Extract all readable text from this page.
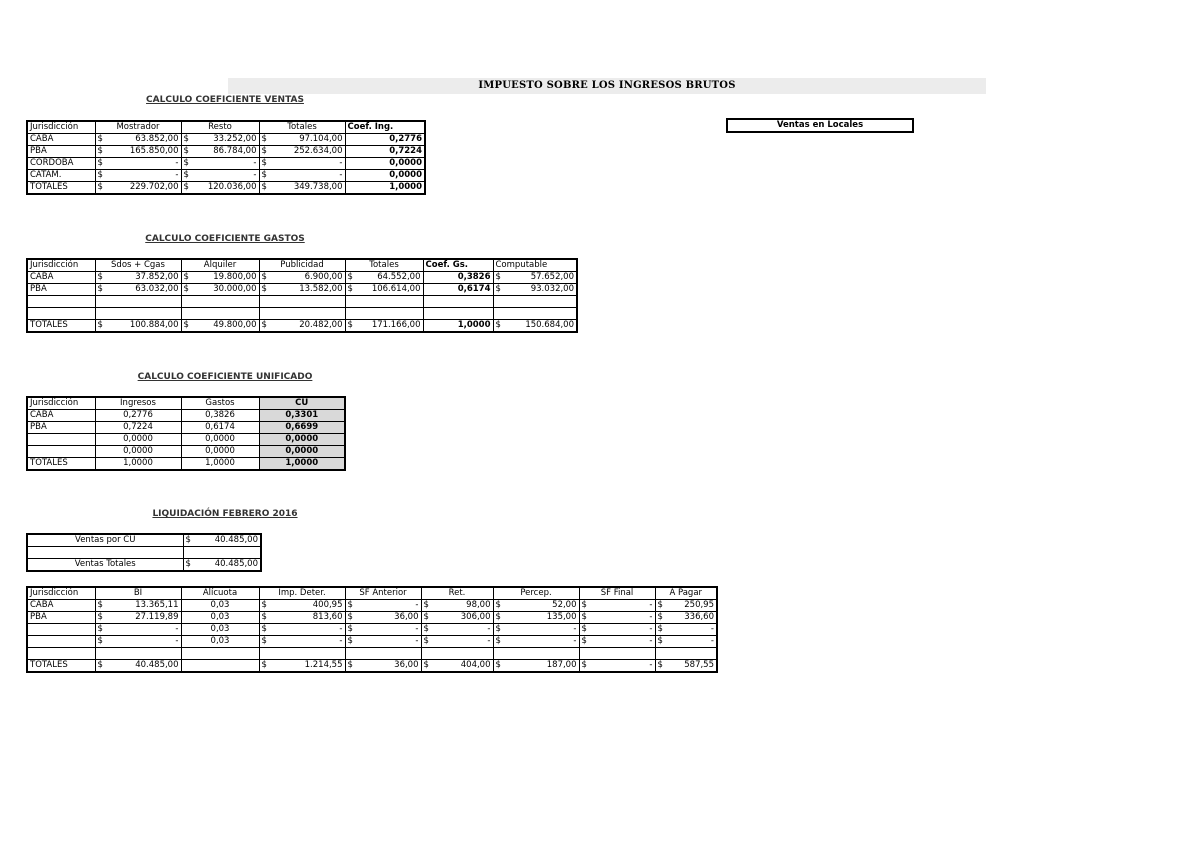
IMPUESTO SOBRE LOS INGRESOS BRUTOS
CALCULO COEFICIENTE VENTAS
CALCULO COEFICIENTE GASTOS
CALCULO COEFICIENTE UNIFICADO
LIQUIDACIÓN FEBRERO 2016
Jurisdicción	Mostrador	Resto	Totales	Coef. Ing.
CABA	$ 63.852,00	$ 33.252,00	$ 97.104,00	0,2776
PBA	$ 165.850,00	$ 86.784,00	$ 252.634,00	0,7224
CORDOBA	$ -	$ -	$ -	0,0000
CATAM.	$ -	$ -	$ -	0,0000
TOTALES	$ 229.702,00	$ 120.036,00	$ 349.738,00	1,0000
Jurisdicción	Sdos + Cgas	Alquiler	Publicidad	Totales	Coef. Gs.	Computable
CABA	$ 37.852,00	$ 19.800,00	$ 6.900,00	$ 64.552,00	0,3826	$ 57.652,00

PBA	$ 63.032,00	$ 30.000,00	$ 13.582,00	$ 106.614,00	0,6174	$ 93.032,00

TOTALES	$ 100.884,00	$ 49.800,00	$ 20.482,00	$ 171.166,00	1,0000	$ 150.684,00
Jurisdicción	Ingresos	Gastos	CU
CABA	0,2776	0,3826	0,3301
PBA	0,7224	0,6174	0,6699
	0,0000	0,0000	0,0000
	0,0000	0,0000	0,0000
TOTALES	1,0000	1,0000	1,0000
Ventas por CU	$ 40.485,00

Ventas Totales	$ 40.485,00
Jurisdicción	BI	Alícuota	Imp. Deter.	SF Anterior	Ret.	Percep.	SF Final	A Pagar
CABA	$ 13.365,11	0,03	$ 400,95	$ -	$ 98,00	$ 52,00	$ -	$ 250,95

PBA	$ 27.119,89	0,03	$ 813,60	$ 36,00	$ 306,00	$ 135,00	$ -	$ 336,60

	$ -	0,03	$ -	$ -	$ -	$ -	$ -	$ -

	$ -	0,03	$ -	$ -	$ -	$ -	$ -	$ -

TOTALES	$ 40.485,00		$ 1.214,55	$ 36,00	$ 404,00	$ 187,00	$ -	$ 587,55
Ventas en Locales
